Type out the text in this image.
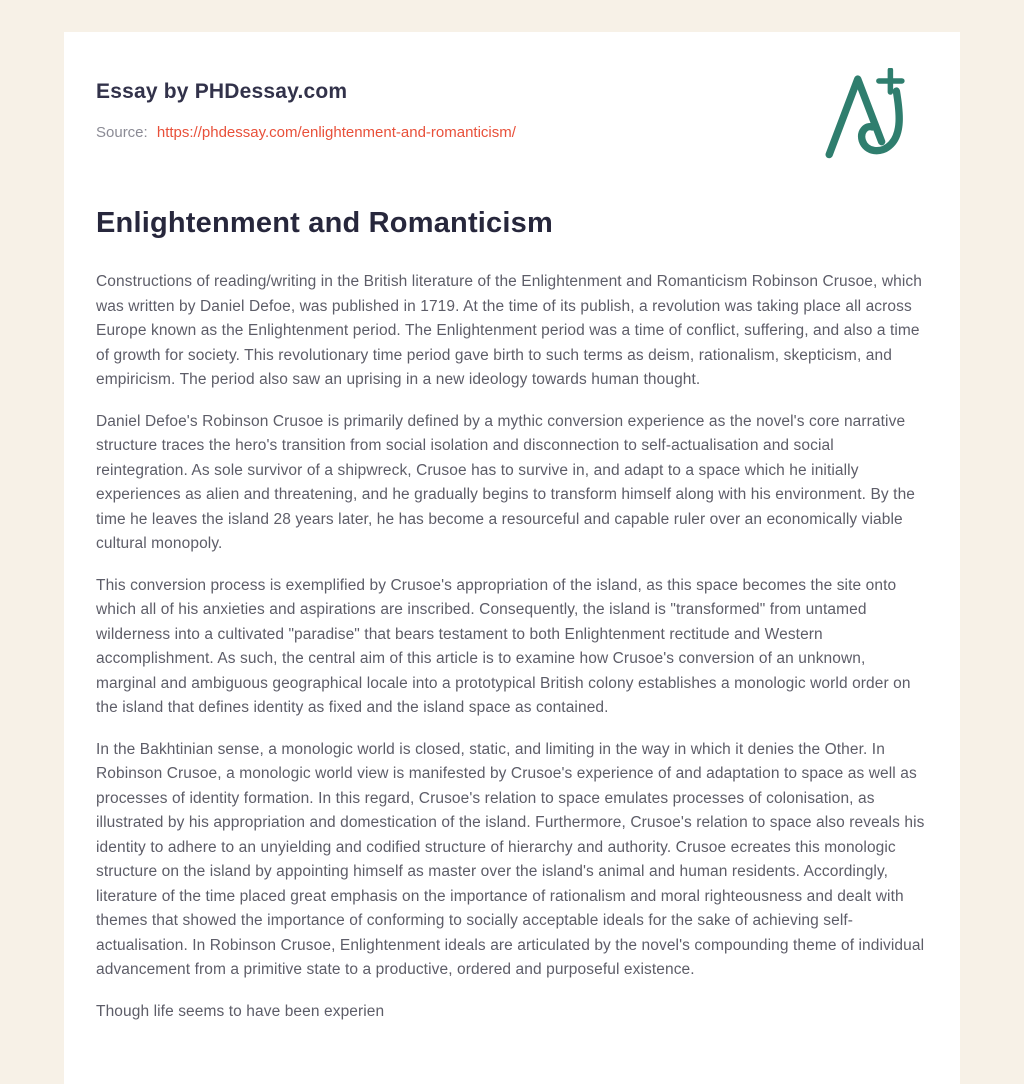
Essay by PHDessay.com
Source: https://phdessay.com/enlightenment-and-romanticism/
Enlightenment and Romanticism

Constructions of reading/writing in the British literature of the Enlightenment and Romanticism Robinson Crusoe, which was written by Daniel Defoe, was published in 1719. At the time of its publish, a revolution was taking place all across Europe known as the Enlightenment period. The Enlightenment period was a time of conflict, suffering, and also a time of growth for society. This revolutionary time period gave birth to such terms as deism, rationalism, skepticism, and empiricism. The period also saw an uprising in a new ideology towards human thought.

Daniel Defoe's Robinson Crusoe is primarily defined by a mythic conversion experience as the novel's core narrative structure traces the hero's transition from social isolation and disconnection to self-actualisation and social reintegration. As sole survivor of a shipwreck, Crusoe has to survive in, and adapt to a space which he initially experiences as alien and threatening, and he gradually begins to transform himself along with his environment. By the time he leaves the island 28 years later, he has become a resourceful and capable ruler over an economically viable cultural monopoly.

This conversion process is exemplified by Crusoe's appropriation of the island, as this space becomes the site onto which all of his anxieties and aspirations are inscribed. Consequently, the island is "transformed" from untamed wilderness into a cultivated "paradise" that bears testament to both Enlightenment rectitude and Western accomplishment. As such, the central aim of this article is to examine how Crusoe's conversion of an unknown, marginal and ambiguous geographical locale into a prototypical British colony establishes a monologic world order on the island that defines identity as fixed and the island space as contained.

In the Bakhtinian sense, a monologic world is closed, static, and limiting in the way in which it denies the Other. In Robinson Crusoe, a monologic world view is manifested by Crusoe's experience of and adaptation to space as well as processes of identity formation. In this regard, Crusoe's relation to space emulates processes of colonisation, as illustrated by his appropriation and domestication of the island. Furthermore, Crusoe's relation to space also reveals his identity to adhere to an unyielding and codified structure of hierarchy and authority. Crusoe ecreates this monologic structure on the island by appointing himself as master over the island's animal and human residents. Accordingly, literature of the time placed great emphasis on the importance of rationalism and moral righteousness and dealt with themes that showed the importance of conforming to socially acceptable ideals for the sake of achieving self-actualisation. In Robinson Crusoe, Enlightenment ideals are articulated by the novel's compounding theme of individual advancement from a primitive state to a productive, ordered and purposeful existence.

Though life seems to have been experien
